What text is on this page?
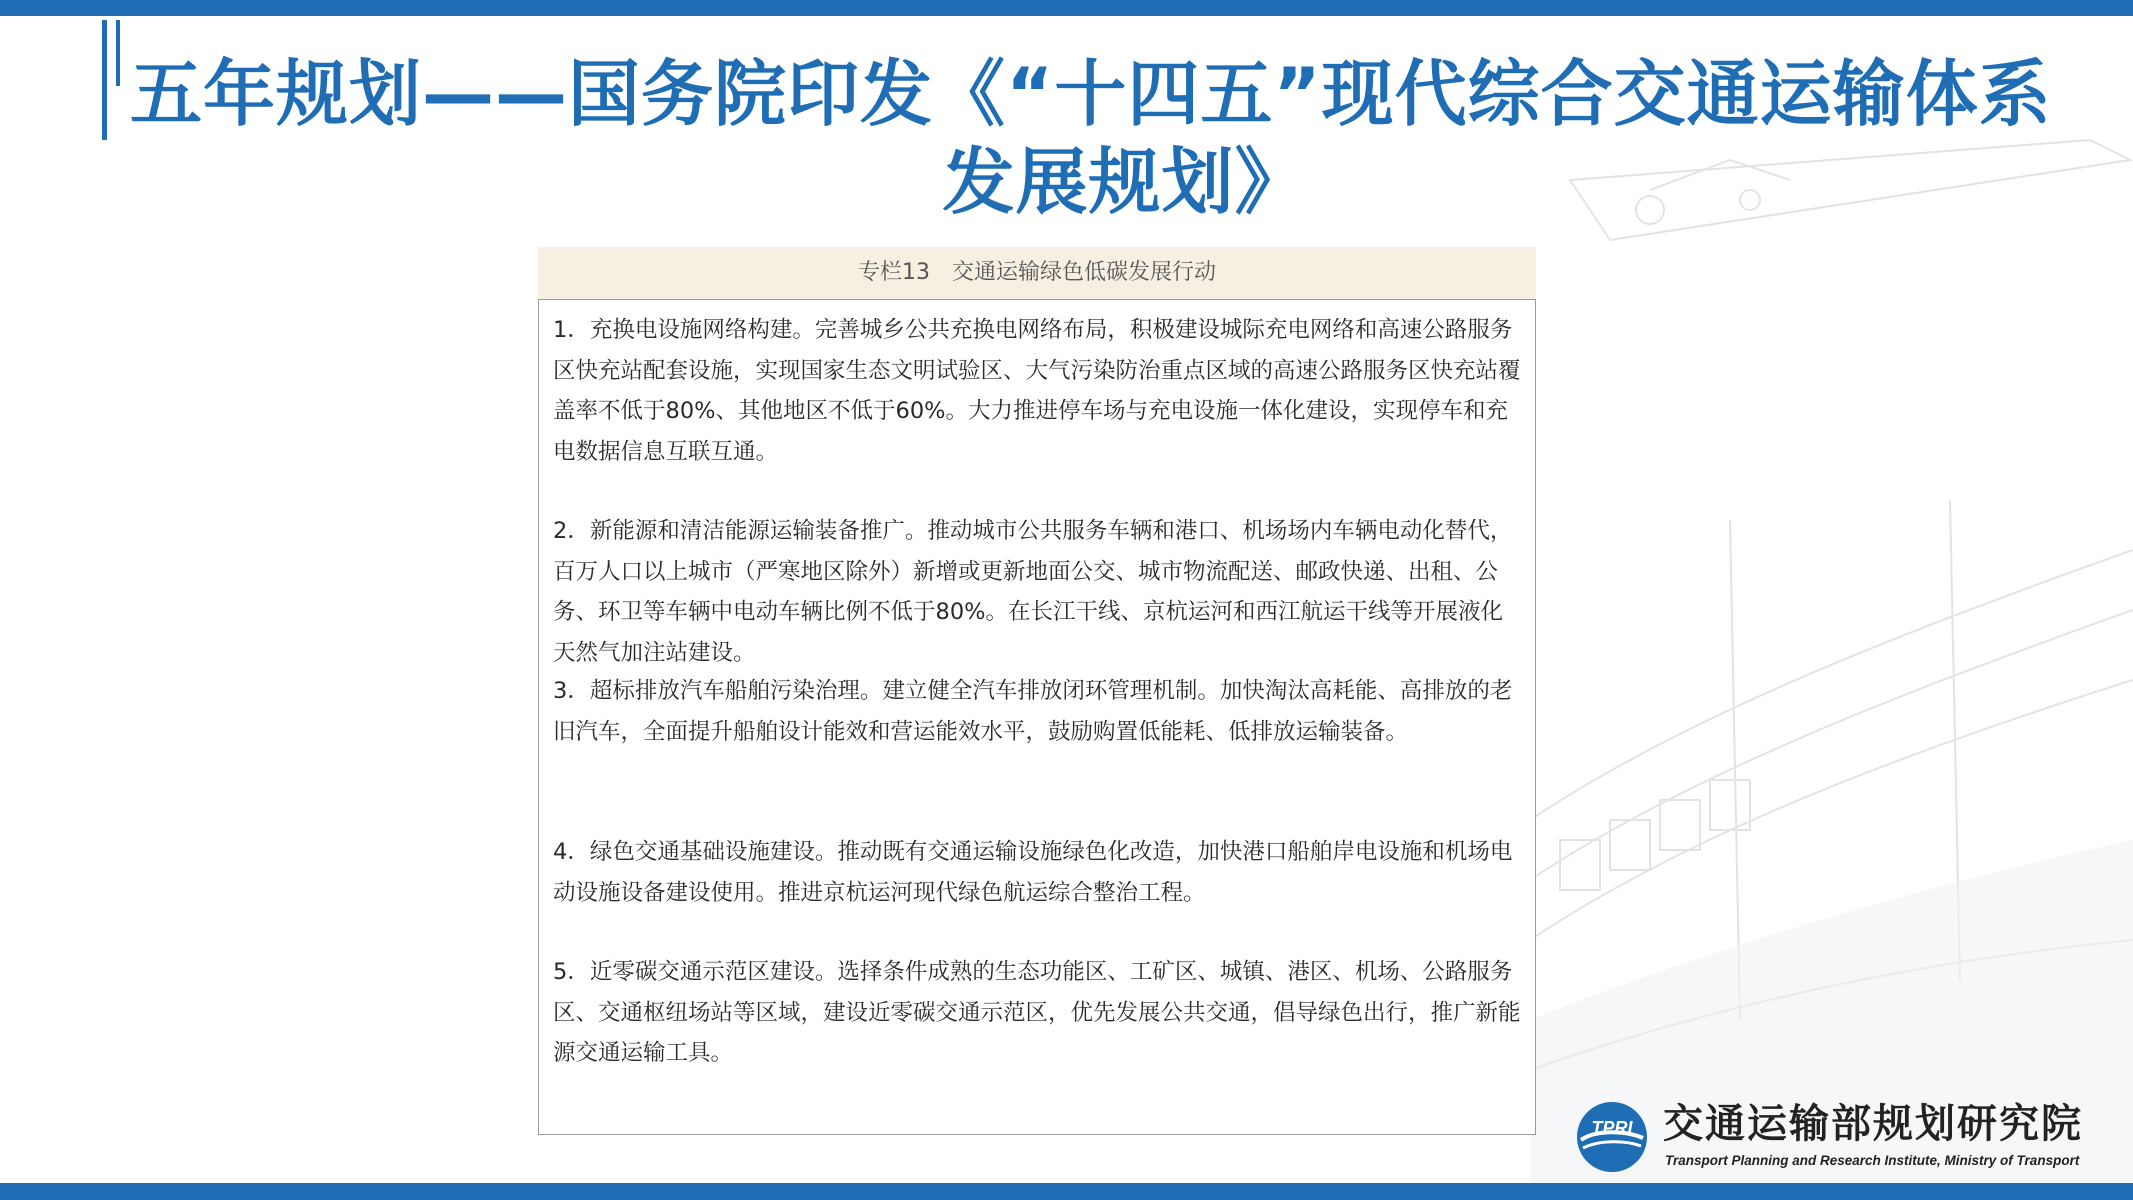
五年规划——国务院印发《“十四五”现代综合交通运输体系
发展规划》
专栏13　交通运输绿色低碳发展行动
1．充换电设施网络构建。完善城乡公共充换电网络布局，积极建设城际充电网络和高速公路服务区快充站配套设施，实现国家生态文明试验区、大气污染防治重点区域的高速公路服务区快充站覆盖率不低于80%、其他地区不低于60%。大力推进停车场与充电设施一体化建设，实现停车和充电数据信息互联互通。
2．新能源和清洁能源运输装备推广。推动城市公共服务车辆和港口、机场场内车辆电动化替代，百万人口以上城市（严寒地区除外）新增或更新地面公交、城市物流配送、邮政快递、出租、公务、环卫等车辆中电动车辆比例不低于80%。在长江干线、京杭运河和西江航运干线等开展液化天然气加注站建设。
3．超标排放汽车船舶污染治理。建立健全汽车排放闭环管理机制。加快淘汰高耗能、高排放的老旧汽车，全面提升船舶设计能效和营运能效水平，鼓励购置低能耗、低排放运输装备。
4．绿色交通基础设施建设。推动既有交通运输设施绿色化改造，加快港口船舶岸电设施和机场电动设施设备建设使用。推进京杭运河现代绿色航运综合整治工程。
5．近零碳交通示范区建设。选择条件成熟的生态功能区、工矿区、城镇、港区、机场、公路服务区、交通枢纽场站等区域，建设近零碳交通示范区，优先发展公共交通，倡导绿色出行，推广新能源交通运输工具。
TPRI 交通运输部规划研究院
Transport Planning and Research Institute, Ministry of Transport
